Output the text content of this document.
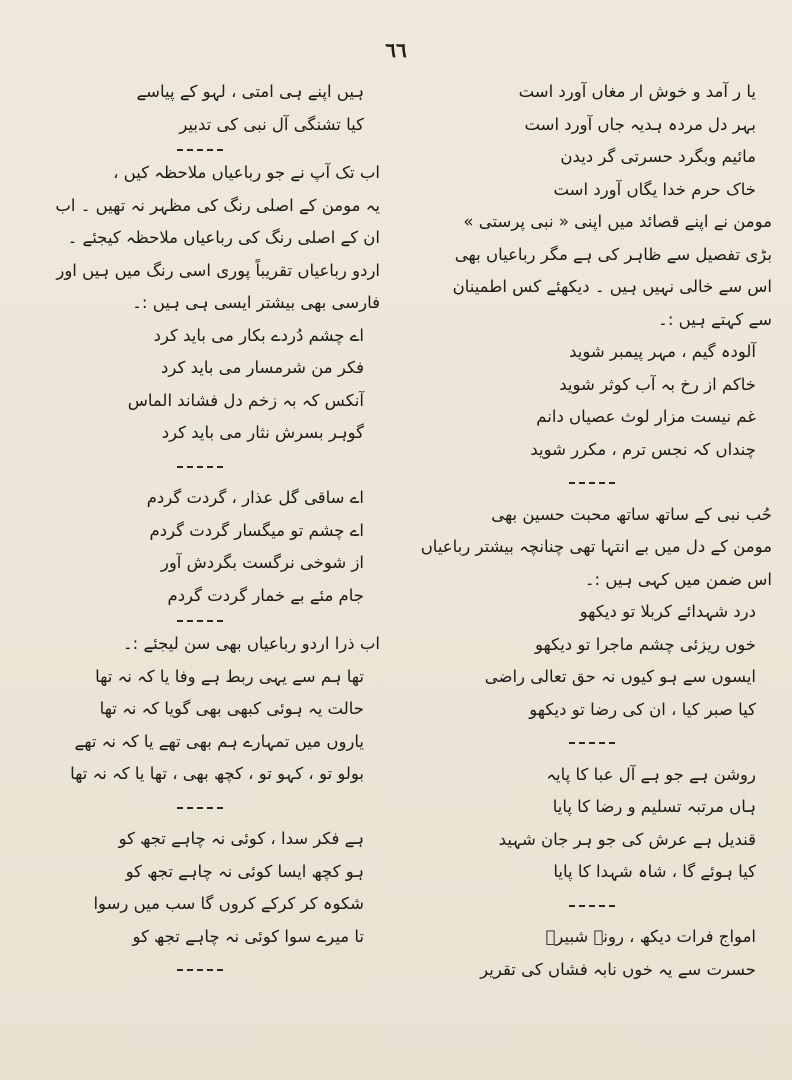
٦٦
یا ر آمد و خوش ار مغاں آورد است
بہر دل مردہ ہدیہ جاں آورد است
مائیم وبگرد حسرتی گر دیدن
خاک حرم خدا یگاں آورد است
مومن نے اپنے قصائد میں اپنی « نبی پرستی »
بڑی تفصیل سے ظاہر کی ہے مگر رباعیاں بھی
اس سے خالی نہیں ہیں ۔ دیکھئے کس اطمینان
سے کہتے ہیں :۔
آلودہ گیم ، مہر پیمبر شوید
خاکم از رخ بہ آب کوثر شوید
غم نیست مزار لوث عصیاں دانم
چنداں کہ نجس ترم ، مکرر شوید
حُب نبی کے ساتھ ساتھ محبت حسین بھی
مومن کے دل میں بے انتہا تھی چنانچہ بیشتر رباعیاں
اس ضمن میں کہی ہیں :۔
درد شہدائے کربلا تو دیکھو
خوں ریزئی چشم ماجرا تو دیکھو
ایسوں سے ہو کیوں نہ حق تعالی راضی
کیا صبر کیا ، ان کی رضا تو دیکھو
روشن ہے جو ہے آل عبا کا پایہ
ہاں مرتبہ تسلیم و رضا کا پایا
قندیل ہے عرش کی جو ہر جان شہید
کیا ہوئے گا ، شاہ شہدا کا پایا
امواج فرات دیکھ ، رونے شبیرؑ
حسرت سے یہ خوں نابہ فشاں کی تقریر
ہیں اپنے ہی امتی ، لہو کے پیاسے
کیا تشنگی آل نبی کی تدبیر
اب تک آپ نے جو رباعیاں ملاحظہ کیں ،
یہ مومن کے اصلی رنگ کی مظہر نہ تھیں ۔ اب
ان کے اصلی رنگ کی رباعیاں ملاحظہ کیجئے ۔
اردو رباعیاں تقریباً پوری اسی رنگ میں ہیں اور
فارسی بھی بیشتر ایسی ہی ہیں :۔
اے چشم دُردے بکار می باید کرد
فکر من شرمسار می باید کرد
آنکس کہ بہ زخم دل فشاند الماس
گوہر بسرش نثار می باید کرد
اے ساقی گل عذار ، گردت گردم
اے چشم تو میگسار گردت گردم
از شوخی نرگست بگردش آور
جام مئے بے خمار گردت گردم
اب ذرا اردو رباعیاں بھی سن لیجئے :۔
تھا ہم سے یہی ربط ہے وفا یا کہ نہ تھا
حالت یہ ہوئی کبھی بھی گویا کہ نہ تھا
یاروں میں تمہارے ہم بھی تھے یا کہ نہ تھے
بولو تو ، کہو تو ، کچھ بھی ، تھا یا کہ نہ تھا
ہے فکر سدا ، کوئی نہ چاہے تجھ کو
ہو کچھ ایسا کوئی نہ چاہے تجھ کو
شکوہ کر کرکے کروں گا سب میں رسوا
تا میرے سوا کوئی نہ چاہے تجھ کو
